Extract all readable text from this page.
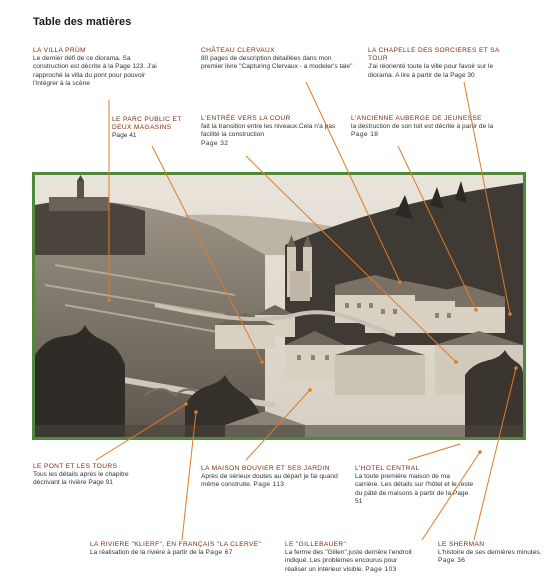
Table des matières
LA VILLA PRÜM
Le dernier défi de ce diorama. Sa construction est décrite à la Page 123. J'ai rapproché la villa du pont pour pouvoir l'intégrer à la scène
CHÂTEAU CLERVAUX
80 pages de description détaillées dans mon premier livre "Capturing Clervaux - a modeler's tale"
LA CHAPELLE DES SORCIERES ET SA TOUR
J'ai réorienté toute la ville pour favoir sur le diorama. A lire à partir de la Page 30
LE PARC PUBLIC ET DEUX MAGASINS
Page 41
L'ENTRÉE VERS LA COUR
fait la transition entre les niveaux.Cela n'a pas facilité la construction
Page 32
L'ANCIENNE AUBERGE DE JEUNESSE
la destruction de son toit est décrite à partir de la Page 18
LE PONT ET LES TOURS
Tous les détails après le chapitre décrivant la rivière Page 91
LA MAISON BOUVIER ET SES JARDIN
Après de sérieux doutes au départ je fai quand même construite. Page 113
L'HOTEL CENTRAL
La toute première maison de ma carrière. Les détails sur l'hôtel et le reste du pâté de maisons à partir de la Page 51
LA RIVIERE "KLIERF", EN FRANÇAIS "LA CLERVE"
La réalisation de la rivière à partir de la Page 67
LE "GILLEBAUER"
La ferme des "Gillen",juste derrière l'endroit indiqué. Les problèmes encourus pour réaliser un intérieur visible. Page 103
LE SHERMAN
L'histoire de ses dernières minutes. Page 36
